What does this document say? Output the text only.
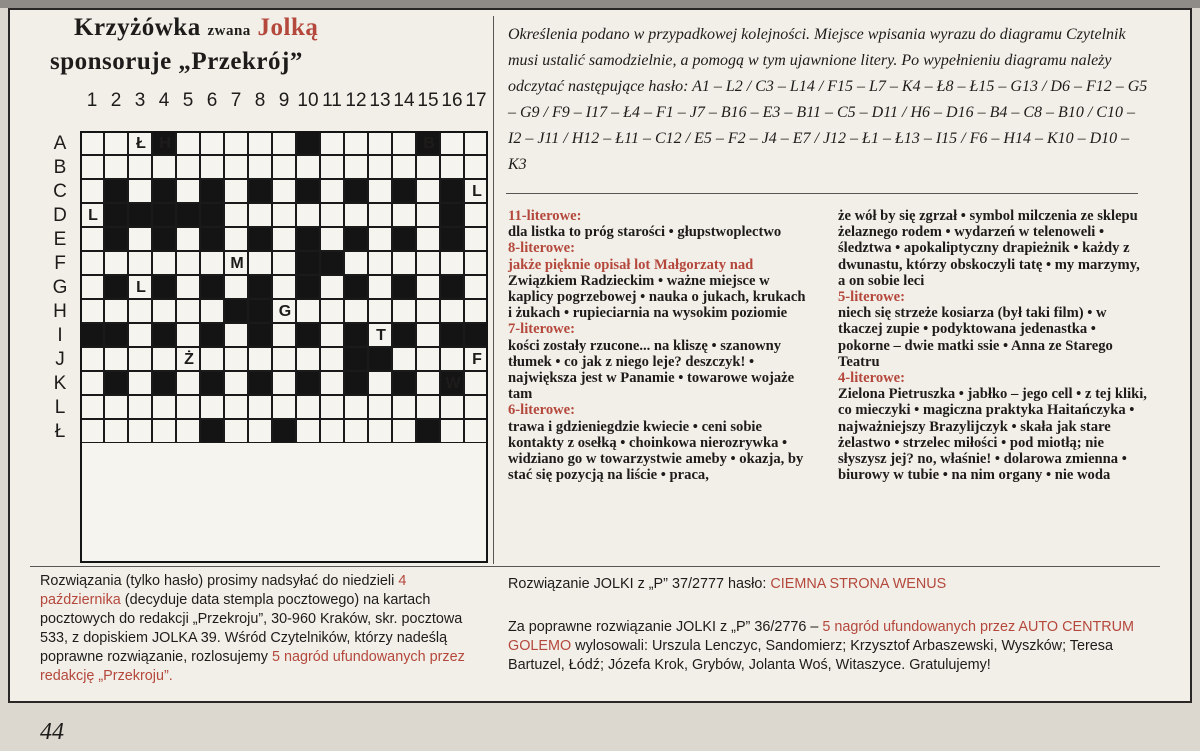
Krzyżówka zwana Jolką
sponsoruje „Przekrój”
1 2 3 4 5 6 7 8 9 10 11 12 13 14 15 16 17
A
B
C
D
E
F
G
H
I
J
K
L
Ł
Ł H	B
L
L
M
L
G
T
Ż	F
W
Określenia podano w przypadkowej kolejności. Miejsce wpisania wyrazu do diagramu Czytelnik musi ustalić samodzielnie, a pomogą w tym ujawnione litery. Po wypełnieniu diagramu należy odczytać następujące hasło: A1 – L2 / C3 – L14 / F15 – L7 – K4 – Ł8 – Ł15 – G13 / D6 – F12 – G5 – G9 / F9 – I17 – Ł4 – F1 – J7 – B16 – E3 – B11 – C5 – D11 / H6 – D16 – B4 – C8 – B10 / C10 – I2 – J11 / H12 – Ł11 – C12 / E5 – F2 – J4 – E7 / J12 – Ł1 – Ł13 – I15 / F6 – H14 – K10 – D10 – K3
11-literowe:

dla listka to próg starości • głupstwoplectwo

8-literowe:

jakże pięknie opisał lot Małgorzaty nad Związkiem Radzieckim • ważne miejsce w kaplicy pogrzebowej • nauka o jukach, krukach i żukach • rupieciarnia na wysokim poziomie

7-literowe:

kości zostały rzucone... na kliszę • szanowny tłumek • co jak z niego leje? deszczyk! • największa jest w Panamie • towarowe wojaże tam

6-literowe:

trawa i gdzieniegdzie kwiecie • ceni sobie kontakty z osełką • choinkowa nierozrywka • widziano go w towarzystwie ameby • okazja, by stać się pozycją na liście • praca,

że wół by się zgrzał • symbol milczenia ze sklepu żelaznego rodem • wydarzeń w telenoweli • śledztwa • apokaliptyczny drapieżnik • każdy z dwunastu, którzy obskoczyli tatę • my marzymy, a on sobie leci

5-literowe:

niech się strzeże kosiarza (był taki film) • w tkaczej zupie • podyktowana jedenastka • pokorne – dwie matki ssie • Anna ze Starego Teatru

4-literowe:

Zielona Pietruszka • jabłko – jego cell • z tej kliki, co mieczyki • magiczna praktyka Haitańczyka • najważniejszy Brazylijczyk • skała jak stare żelastwo • strzelec miłości • pod miotłą; nie słyszysz jej? no, właśnie! • dolarowa zmienna • biurowy w tubie • na nim organy • nie woda

Rozwiązania (tylko hasło) prosimy nadsyłać do niedzieli 4 października (decyduje data stempla pocztowego) na kartach pocztowych do redakcji „Przekroju”, 30-960 Kraków, skr. pocztowa 533, z dopiskiem JOLKA 39. Wśród Czytelników, którzy nadeślą poprawne rozwiązanie, rozlosujemy 5 nagród ufundowanych przez redakcję „Przekroju”.
Rozwiązanie JOLKI z „P” 37/2777 hasło: CIEMNA STRONA WENUS
Za poprawne rozwiązanie JOLKI z „P” 36/2776 – 5 nagród ufundowanych przez AUTO CENTRUM GOLEMO wylosowali: Urszula Lenczyc, Sandomierz; Krzysztof Arbaszewski, Wyszków; Teresa Bartuzel, Łódź; Józefa Krok, Grybów, Jolanta Woś, Witaszyce. Gratulujemy!
44
